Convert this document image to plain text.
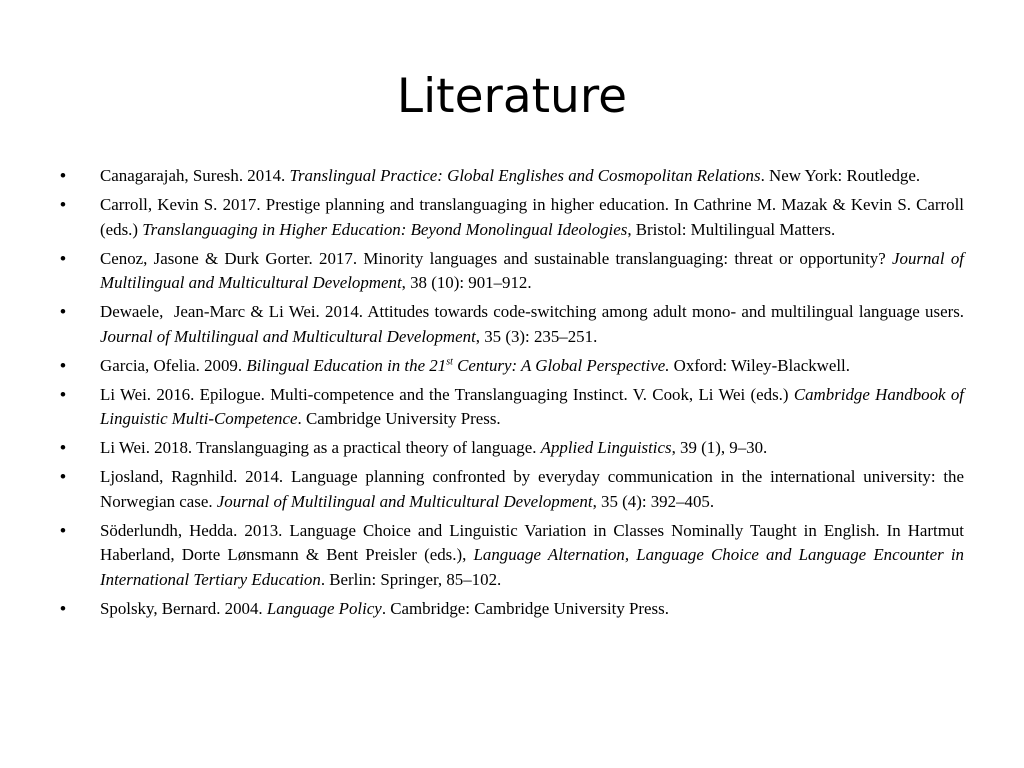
Literature
• Canagarajah, Suresh. 2014. Translingual Practice: Global Englishes and Cosmopolitan Relations. New York: Routledge.
• Carroll, Kevin S. 2017. Prestige planning and translanguaging in higher education. In Cathrine M. Mazak & Kevin S. Carroll (eds.) Translanguaging in Higher Education: Beyond Monolingual Ideologies, Bristol: Multilingual Matters.
• Cenoz, Jasone & Durk Gorter. 2017. Minority languages and sustainable translanguaging: threat or opportunity? Journal of Multilingual and Multicultural Development, 38 (10): 901–912.
• Dewaele,  Jean-Marc & Li Wei. 2014. Attitudes towards code-switching among adult mono- and multilingual language users. Journal of Multilingual and Multicultural Development, 35 (3): 235–251.
• Garcia, Ofelia. 2009. Bilingual Education in the 21st Century: A Global Perspective. Oxford: Wiley-Blackwell.
• Li Wei. 2016. Epilogue. Multi-competence and the Translanguaging Instinct. V. Cook, Li Wei (eds.) Cambridge Handbook of Linguistic Multi-Competence. Cambridge University Press.
• Li Wei. 2018. Translanguaging as a practical theory of language. Applied Linguistics, 39 (1), 9–30.
• Ljosland, Ragnhild. 2014. Language planning confronted by everyday communication in the international university: the Norwegian case. Journal of Multilingual and Multicultural Development, 35 (4): 392–405.
• Söderlundh, Hedda. 2013. Language Choice and Linguistic Variation in Classes Nominally Taught in English. In Hartmut Haberland, Dorte Lønsmann & Bent Preisler (eds.), Language Alternation, Language Choice and Language Encounter in International Tertiary Education. Berlin: Springer, 85–102.
• Spolsky, Bernard. 2004. Language Policy. Cambridge: Cambridge University Press.
